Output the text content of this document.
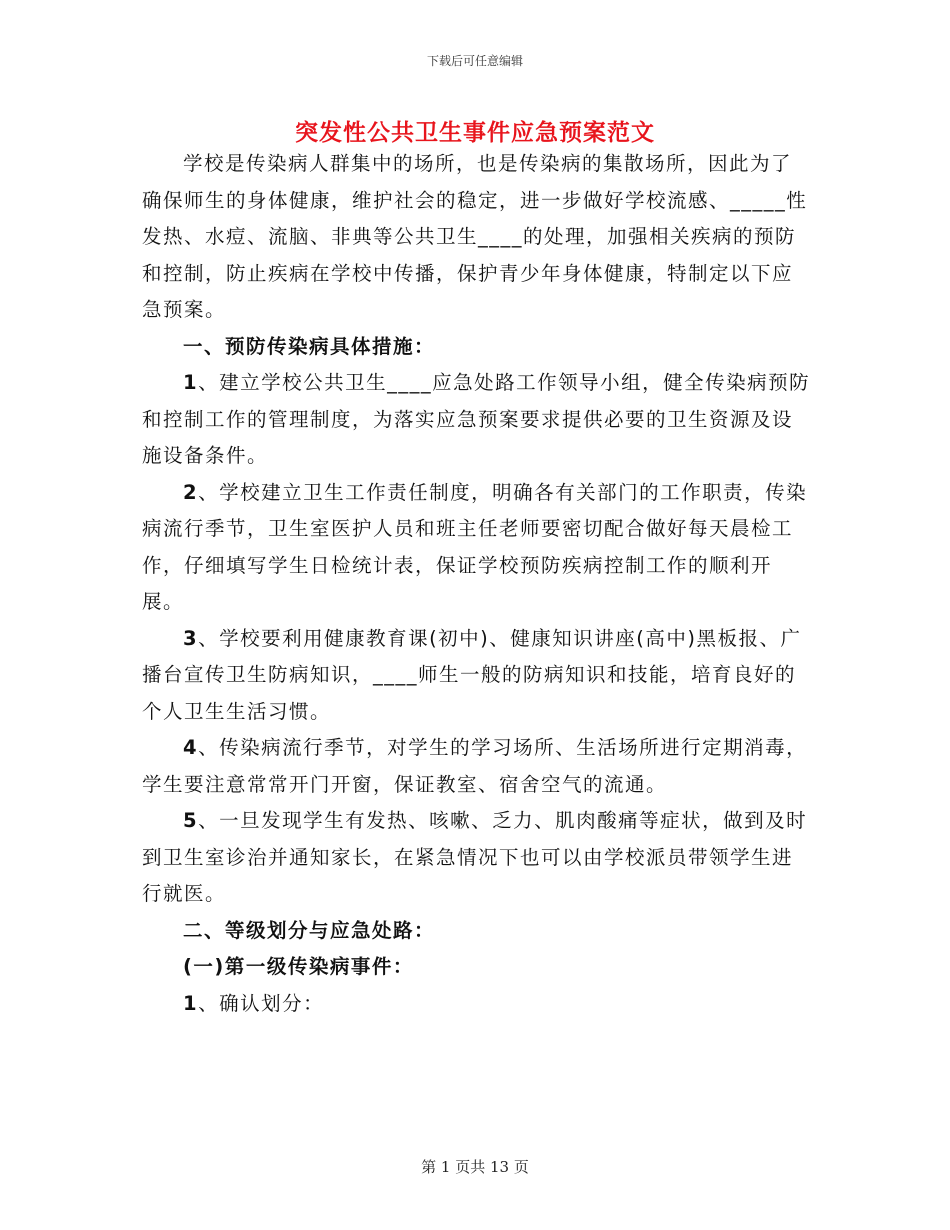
下载后可任意编辑
突发性公共卫生事件应急预案范文

学校是传染病人群集中的场所，也是传染病的集散场所，因此为了确保师生的身体健康，维护社会的稳定，进一步做好学校流感、_____性发热、水痘、流脑、非典等公共卫生____的处理，加强相关疾病的预防和控制，防止疾病在学校中传播，保护青少年身体健康，特制定以下应急预案。

一、预防传染病具体措施：

1、建立学校公共卫生____应急处路工作领导小组，健全传染病预防和控制工作的管理制度，为落实应急预案要求提供必要的卫生资源及设施设备条件。

2、学校建立卫生工作责任制度，明确各有关部门的工作职责，传染病流行季节，卫生室医护人员和班主任老师要密切配合做好每天晨检工作，仔细填写学生日检统计表，保证学校预防疾病控制工作的顺利开展。

3、学校要利用健康教育课(初中)、健康知识讲座(高中)黑板报、广播台宣传卫生防病知识，____师生一般的防病知识和技能，培育良好的个人卫生生活习惯。

4、传染病流行季节，对学生的学习场所、生活场所进行定期消毒，学生要注意常常开门开窗，保证教室、宿舍空气的流通。

5、一旦发现学生有发热、咳嗽、乏力、肌肉酸痛等症状，做到及时到卫生室诊治并通知家长，在紧急情况下也可以由学校派员带领学生进行就医。

二、等级划分与应急处路：

(一)第一级传染病事件：

1、确认划分：

第 1 页共 13 页
